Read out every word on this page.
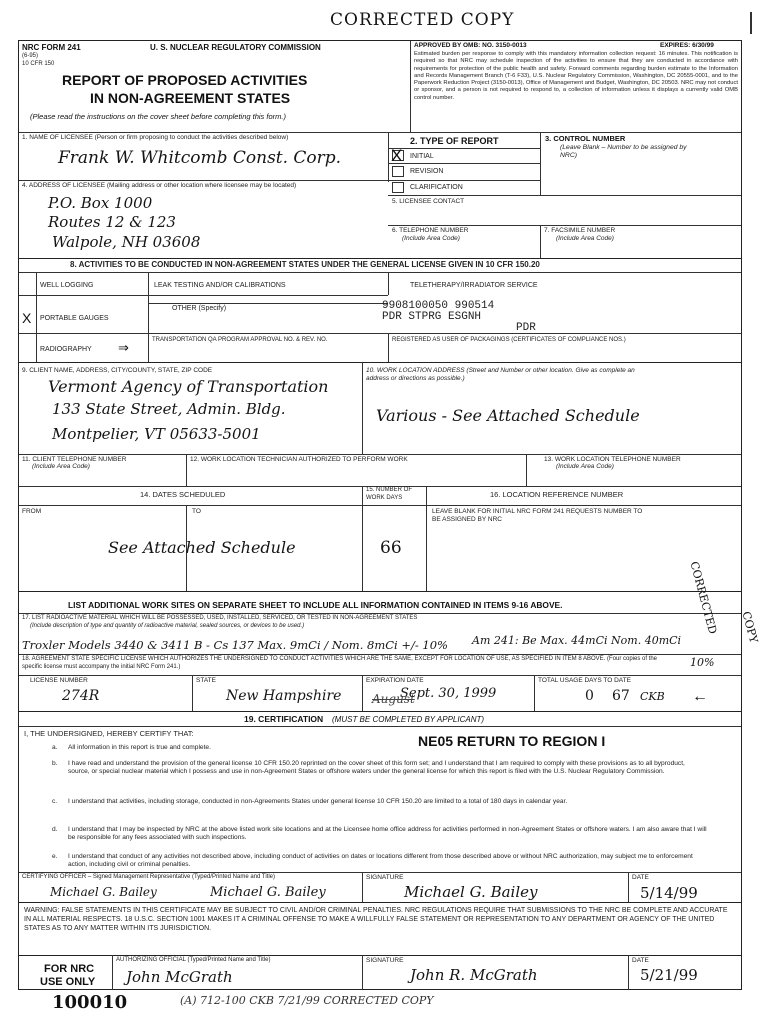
CORRECTED COPY
NRC FORM 241
(6-95)
10 CFR 150
U. S. NUCLEAR REGULATORY COMMISSION
REPORT OF PROPOSED ACTIVITIES
IN NON-AGREEMENT STATES
(Please read the instructions on the cover sheet before completing this form.)
APPROVED BY OMB: NO. 3150-0013	EXPIRES: 6/30/99
Estimated burden per response to comply with this mandatory information collection request: 16 minutes. This notification is required so that NRC may schedule inspection of the activities to ensure that they are conducted in accordance with requirements for protection of the public health and safety. Forward comments regarding burden estimate to the Information and Records Management Branch (T-6 F33), U.S. Nuclear Regulatory Commission, Washington, DC 20555-0001, and to the Paperwork Reduction Project (3150-0013), Office of Management and Budget, Washington, DC 20503. NRC may not conduct or sponsor, and a person is not required to respond to, a collection of information unless it displays a currently valid OMB control number.
1. NAME OF LICENSEE (Person or firm proposing to conduct the activities described below)
Frank W. Whitcomb Const. Corp.
2. TYPE OF REPORT
X INITIAL
REVISION
CLARIFICATION
3. CONTROL NUMBER
(Leave Blank – Number to be assigned by NRC)
4. ADDRESS OF LICENSEE (Mailing address or other location where licensee may be located)
P.O. Box 1000
Routes 12 & 123
Walpole, NH 03608
5. LICENSEE CONTACT
6. TELEPHONE NUMBER
(Include Area Code)
7. FACSIMILE NUMBER
(Include Area Code)
8. ACTIVITIES TO BE CONDUCTED IN NON-AGREEMENT STATES UNDER THE GENERAL LICENSE GIVEN IN 10 CFR 150.20
WELL LOGGING	LEAK TESTING AND/OR CALIBRATIONS	TELETHERAPY/IRRADIATOR SERVICE
X PORTABLE GAUGES
OTHER (Specify)	9908100050 990514
PDR STPRG ESGNH
PDR
RADIOGRAPHY ⇒	TRANSPORTATION QA PROGRAM APPROVAL NO. & REV. NO.	REGISTERED AS USER OF PACKAGINGS (CERTIFICATES OF COMPLIANCE NOS.)
9. CLIENT NAME, ADDRESS, CITY/COUNTY, STATE, ZIP CODE
Vermont Agency of Transportation
133 State Street, Admin. Bldg.
Montpelier, VT 05633-5001
10. WORK LOCATION ADDRESS (Street and Number or other location. Give as complete an address or directions as possible.)
Various - See Attached Schedule
11. CLIENT TELEPHONE NUMBER
(Include Area Code)
12. WORK LOCATION TECHNICIAN AUTHORIZED TO PERFORM WORK	13. WORK LOCATION TELEPHONE NUMBER
(Include Area Code)
14. DATES SCHEDULED	15. NUMBER OF WORK DAYS	16. LOCATION REFERENCE NUMBER
FROM	TO	LEAVE BLANK FOR INITIAL NRC FORM 241 REQUESTS NUMBER TO BE ASSIGNED BY NRC
See Attached Schedule	66
LIST ADDITIONAL WORK SITES ON SEPARATE SHEET TO INCLUDE ALL INFORMATION CONTAINED IN ITEMS 9-16 ABOVE.
17. LIST RADIOACTIVE MATERIAL WHICH WILL BE POSSESSED, USED, INSTALLED, SERVICED, OR TESTED IN NON-AGREEMENT STATES
(Include description of type and quantity of radioactive material, sealed sources, or devices to be used.)
Troxler Models 3440 & 3411 B - Cs 137 Max. 9mCi / Nom. 8mCi +/- 10% Am 241: Be Max. 44mCi Nom. 40mCi
18. AGREEMENT STATE SPECIFIC LICENSE WHICH AUTHORIZES THE UNDERSIGNED TO CONDUCT ACTIVITIES WHICH ARE THE SAME, EXCEPT FOR LOCATION OF USE, AS SPECIFIED IN ITEM 8 ABOVE. (Four copies of the specific license must accompany the initial NRC Form 241.)	10%
LICENSE NUMBER
274R
STATE
New Hampshire
EXPIRATION DATE
August
Sept. 30, 1999
TOTAL USAGE DAYS TO DATE
0 67 CKB ←
19. CERTIFICATION (MUST BE COMPLETED BY APPLICANT)
I, THE UNDERSIGNED, HEREBY CERTIFY THAT:	NE05 RETURN TO REGION I
a.	All information in this report is true and complete.
b.	I have read and understand the provision of the general license 10 CFR 150.20 reprinted on the cover sheet of this form set; and I understand that I am required to comply with these provisions as to all byproduct, source, or special nuclear material which I possess and use in non-Agreement States or offshore waters under the general license for which this report is filed with the U.S. Nuclear Regulatory Commission.
c.	I understand that activities, including storage, conducted in non-Agreements States under general license 10 CFR 150.20 are limited to a total of 180 days in calendar year.
d.	I understand that I may be inspected by NRC at the above listed work site locations and at the Licensee home office address for activities performed in non-Agreement States or offshore waters. I am also aware that I will be responsible for any fees associated with such inspections.
e.	I understand that conduct of any activities not described above, including conduct of activities on dates or locations different from those described above or without NRC authorization, may subject me to enforcement action, including civil or criminal penalties.
CERTIFYING OFFICER – Signed Management Representative (Typed/Printed Name and Title)
Michael G. Bailey	Michael G. Bailey
SIGNATURE
Michael G. Bailey
DATE
5/14/99
WARNING: FALSE STATEMENTS IN THIS CERTIFICATE MAY BE SUBJECT TO CIVIL AND/OR CRIMINAL PENALTIES. NRC REGULATIONS REQUIRE THAT SUBMISSIONS TO THE NRC BE COMPLETE AND ACCURATE IN ALL MATERIAL RESPECTS. 18 U.S.C. SECTION 1001 MAKES IT A CRIMINAL OFFENSE TO MAKE A WILLFULLY FALSE STATEMENT OR REPRESENTATION TO ANY DEPARTMENT OR AGENCY OF THE UNITED STATES AS TO ANY MATTER WITHIN ITS JURISDICTION.
FOR NRC
USE ONLY
AUTHORIZING OFFICIAL (Typed/Printed Name and Title)
John McGrath
SIGNATURE
John R. McGrath
DATE
5/21/99
100010	(A) 712-100 CKB 7/21/99 CORRECTED COPY
CORRECTED COPY
